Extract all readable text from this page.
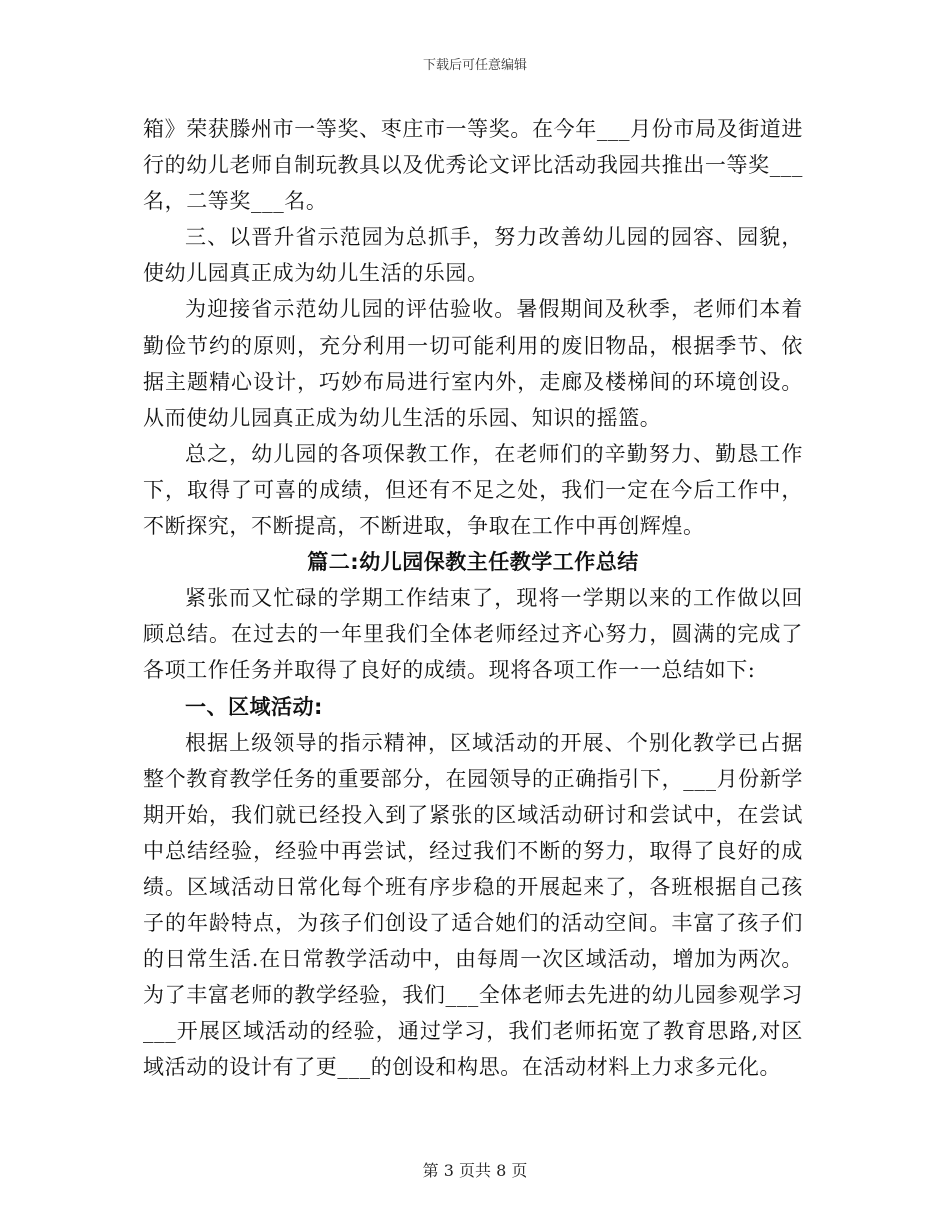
下载后可任意编辑

箱》荣获滕州市一等奖、枣庄市一等奖。在今年___月份市局及街道进行的幼儿老师自制玩教具以及优秀论文评比活动我园共推出一等奖___名，二等奖___名。

三、以晋升省示范园为总抓手，努力改善幼儿园的园容、园貌，使幼儿园真正成为幼儿生活的乐园。

为迎接省示范幼儿园的评估验收。暑假期间及秋季，老师们本着勤俭节约的原则，充分利用一切可能利用的废旧物品，根据季节、依据主题精心设计，巧妙布局进行室内外，走廊及楼梯间的环境创设。从而使幼儿园真正成为幼儿生活的乐园、知识的摇篮。

总之，幼儿园的各项保教工作，在老师们的辛勤努力、勤恳工作下，取得了可喜的成绩，但还有不足之处，我们一定在今后工作中，不断探究，不断提高，不断进取，争取在工作中再创辉煌。

篇二:幼儿园保教主任教学工作总结

紧张而又忙碌的学期工作结束了，现将一学期以来的工作做以回顾总结。在过去的一年里我们全体老师经过齐心努力，圆满的完成了各项工作任务并取得了良好的成绩。现将各项工作一一总结如下:

一、区域活动:

根据上级领导的指示精神，区域活动的开展、个别化教学已占据整个教育教学任务的重要部分，在园领导的正确指引下，___月份新学期开始，我们就已经投入到了紧张的区域活动研讨和尝试中，在尝试中总结经验，经验中再尝试，经过我们不断的努力，取得了良好的成绩。区域活动日常化每个班有序步稳的开展起来了，各班根据自己孩子的年龄特点，为孩子们创设了适合她们的活动空间。丰富了孩子们的日常生活.在日常教学活动中，由每周一次区域活动，增加为两次。为了丰富老师的教学经验，我们___全体老师去先进的幼儿园参观学习___开展区域活动的经验，通过学习，我们老师拓宽了教育思路,对区域活动的设计有了更___的创设和构思。在活动材料上力求多元化。

第 3 页共 8 页
